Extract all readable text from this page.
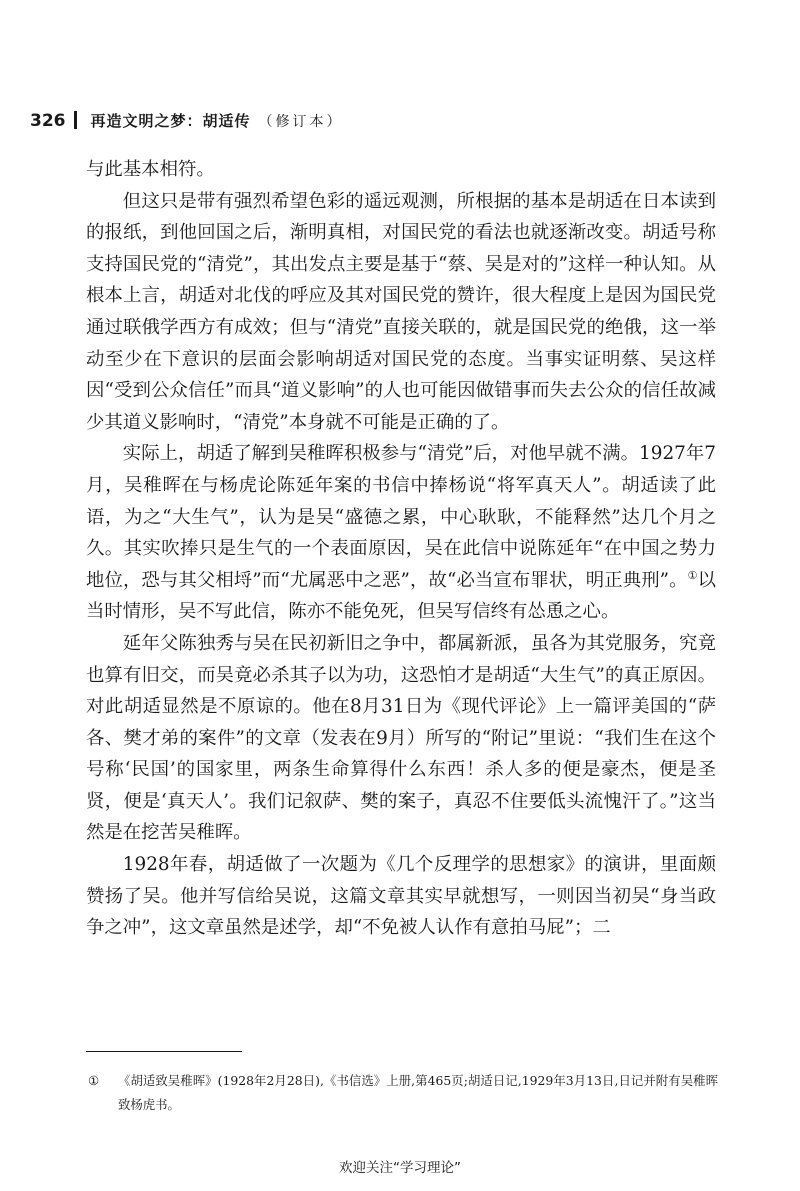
326 再造文明之梦：胡适传 （修订本）

与此基本相符。

但这只是带有强烈希望色彩的遥远观测，所根据的基本是胡适在日本读到的报纸，到他回国之后，渐明真相，对国民党的看法也就逐渐改变。胡适号称支持国民党的“清党”，其出发点主要是基于“蔡、吴是对的”这样一种认知。从根本上言，胡适对北伐的呼应及其对国民党的赞许，很大程度上是因为国民党通过联俄学西方有成效；但与“清党”直接关联的，就是国民党的绝俄，这一举动至少在下意识的层面会影响胡适对国民党的态度。当事实证明蔡、吴这样因“受到公众信任”而具“道义影响”的人也可能因做错事而失去公众的信任故减少其道义影响时，“清党”本身就不可能是正确的了。

实际上，胡适了解到吴稚晖积极参与“清党”后，对他早就不满。1927年7月，吴稚晖在与杨虎论陈延年案的书信中捧杨说“将军真天人”。胡适读了此语，为之“大生气”，认为是吴“盛德之累，中心耿耿，不能释然”达几个月之久。其实吹捧只是生气的一个表面原因，吴在此信中说陈延年“在中国之势力地位，恐与其父相埒”而“尤属恶中之恶”，故“必当宣布罪状，明正典刑”。①以当时情形，吴不写此信，陈亦不能免死，但吴写信终有怂恿之心。

延年父陈独秀与吴在民初新旧之争中，都属新派，虽各为其党服务，究竟也算有旧交，而吴竟必杀其子以为功，这恐怕才是胡适“大生气”的真正原因。对此胡适显然是不原谅的。他在8月31日为《现代评论》上一篇评美国的“萨各、樊才弟的案件”的文章（发表在9月）所写的“附记”里说：“我们生在这个号称‘民国’的国家里，两条生命算得什么东西！杀人多的便是豪杰，便是圣贤，便是‘真天人’。我们记叙萨、樊的案子，真忍不住要低头流愧汗了。”这当然是在挖苦吴稚晖。

1928年春，胡适做了一次题为《几个反理学的思想家》的演讲，里面颇赞扬了吴。他并写信给吴说，这篇文章其实早就想写，一则因当初吴“身当政争之冲”，这文章虽然是述学，却“不免被人认作有意拍马屁”；二

① 《胡适致吴稚晖》(1928年2月28日),《书信选》上册,第465页;胡适日记,1929年3月13日,日记并附有吴稚晖致杨虎书。
欢迎关注“学习理论”
